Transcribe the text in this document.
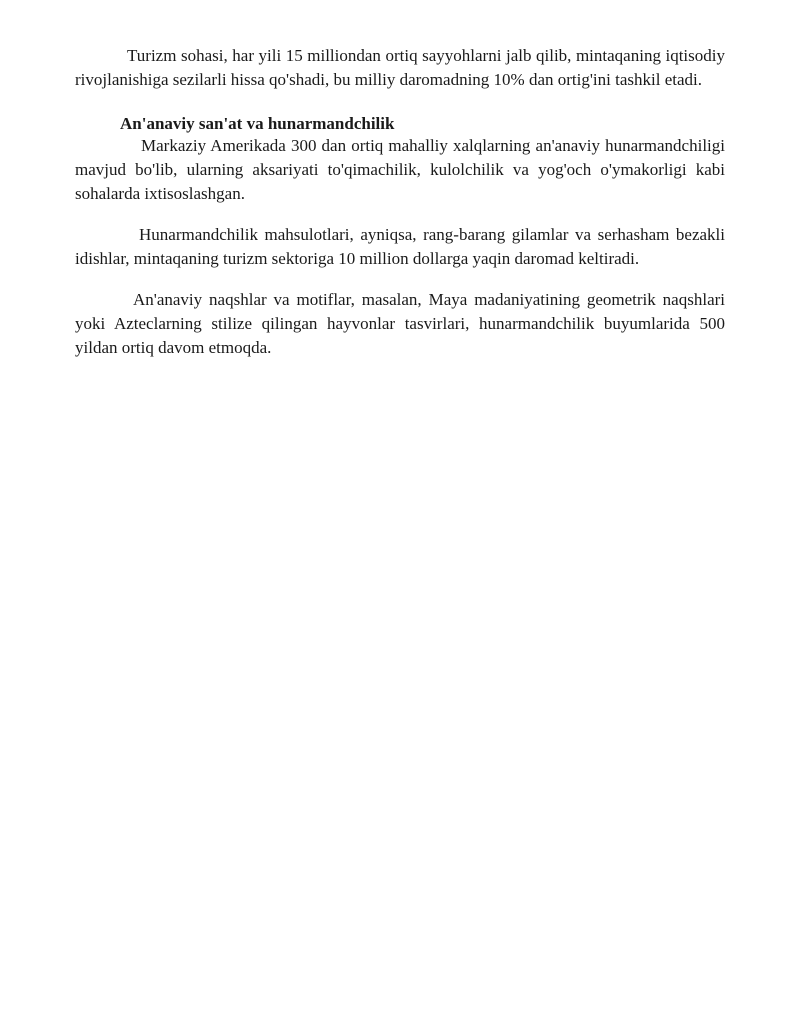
Turizm sohasi, har yili 15 milliondan ortiq sayyohlarni jalb qilib, mintaqaning iqtisodiy rivojlanishiga sezilarli hissa qo'shadi, bu milliy daromadning 10% dan ortig'ini tashkil etadi.

An'anaviy san'at va hunarmandchilik

Markaziy Amerikada 300 dan ortiq mahalliy xalqlarning an'anaviy hunarmandchiligi mavjud bo'lib, ularning aksariyati to'qimachilik, kulolchilik va yog'och o'ymakorligi kabi sohalarda ixtisoslashgan.

Hunarmandchilik mahsulotlari, ayniqsa, rang-barang gilamlar va serhasham bezakli idishlar, mintaqaning turizm sektoriga 10 million dollarga yaqin daromad keltiradi.

An'anaviy naqshlar va motiflar, masalan, Maya madaniyatining geometrik naqshlari yoki Azteclarning stilize qilingan hayvonlar tasvirlari, hunarmandchilik buyumlarida 500 yildan ortiq davom etmoqda.
